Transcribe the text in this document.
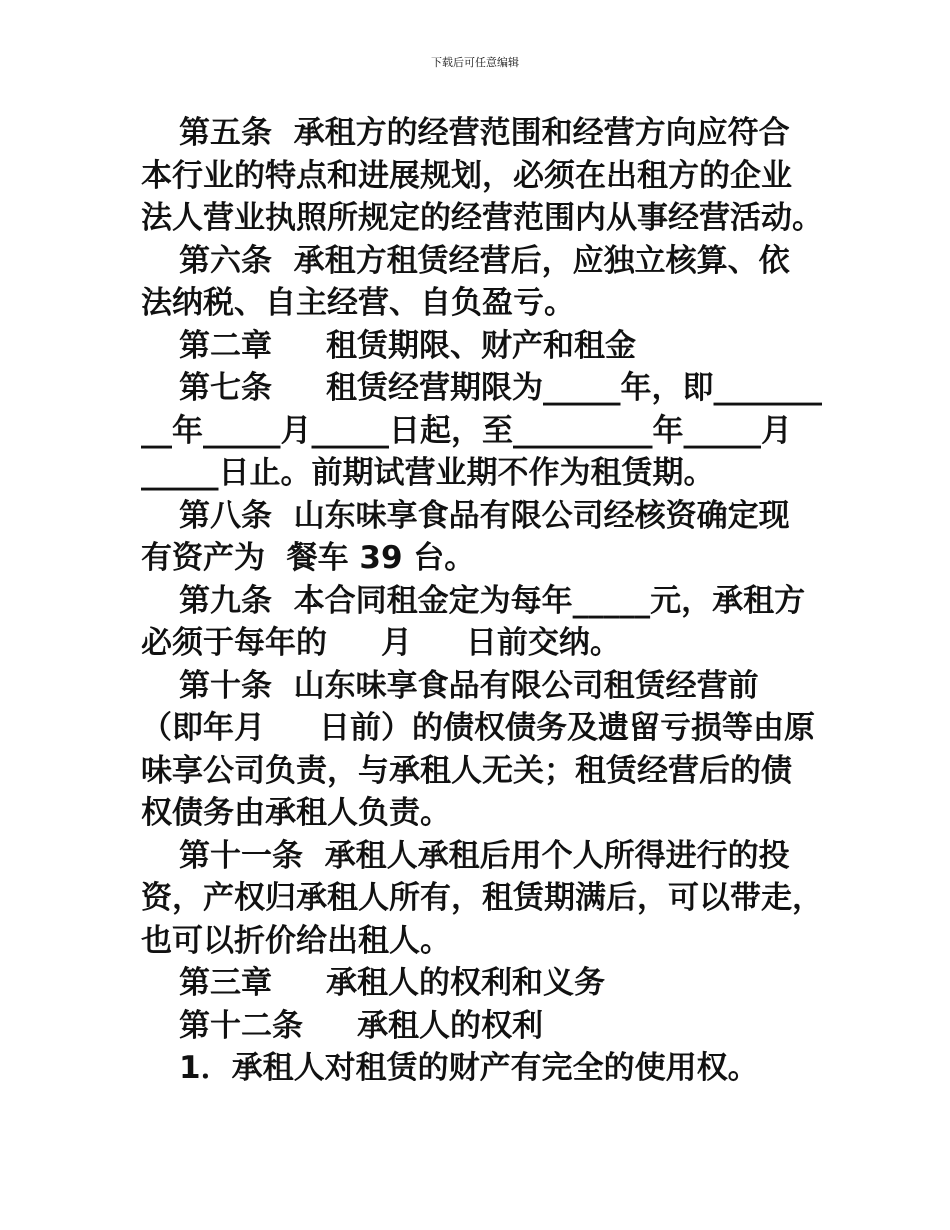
下载后可任意编辑
第五条  承租方的经营范围和经营方向应符合
本行业的特点和进展规划，必须在出租方的企业
法人营业执照所规定的经营范围内从事经营活动。
第六条  承租方租赁经营后，应独立核算、依
法纳税、自主经营、自负盈亏。
第二章     租赁期限、财产和租金
第七条     租赁经营期限为_____年，即_______
__年_____月_____日起，至_________年_____月
_____日止。前期试营业期不作为租赁期。
第八条  山东味享食品有限公司经核资确定现
有资产为  餐车 39 台。
第九条  本合同租金定为每年_____元，承租方
必须于每年的     月     日前交纳。
第十条  山东味享食品有限公司租赁经营前
（即年月     日前）的债权债务及遗留亏损等由原
味享公司负责，与承租人无关；租赁经营后的债
权债务由承租人负责。
第十一条  承租人承租后用个人所得进行的投
资，产权归承租人所有，租赁期满后，可以带走，
也可以折价给出租人。
第三章     承租人的权利和义务
第十二条     承租人的权利
1．承租人对租赁的财产有完全的使用权。
